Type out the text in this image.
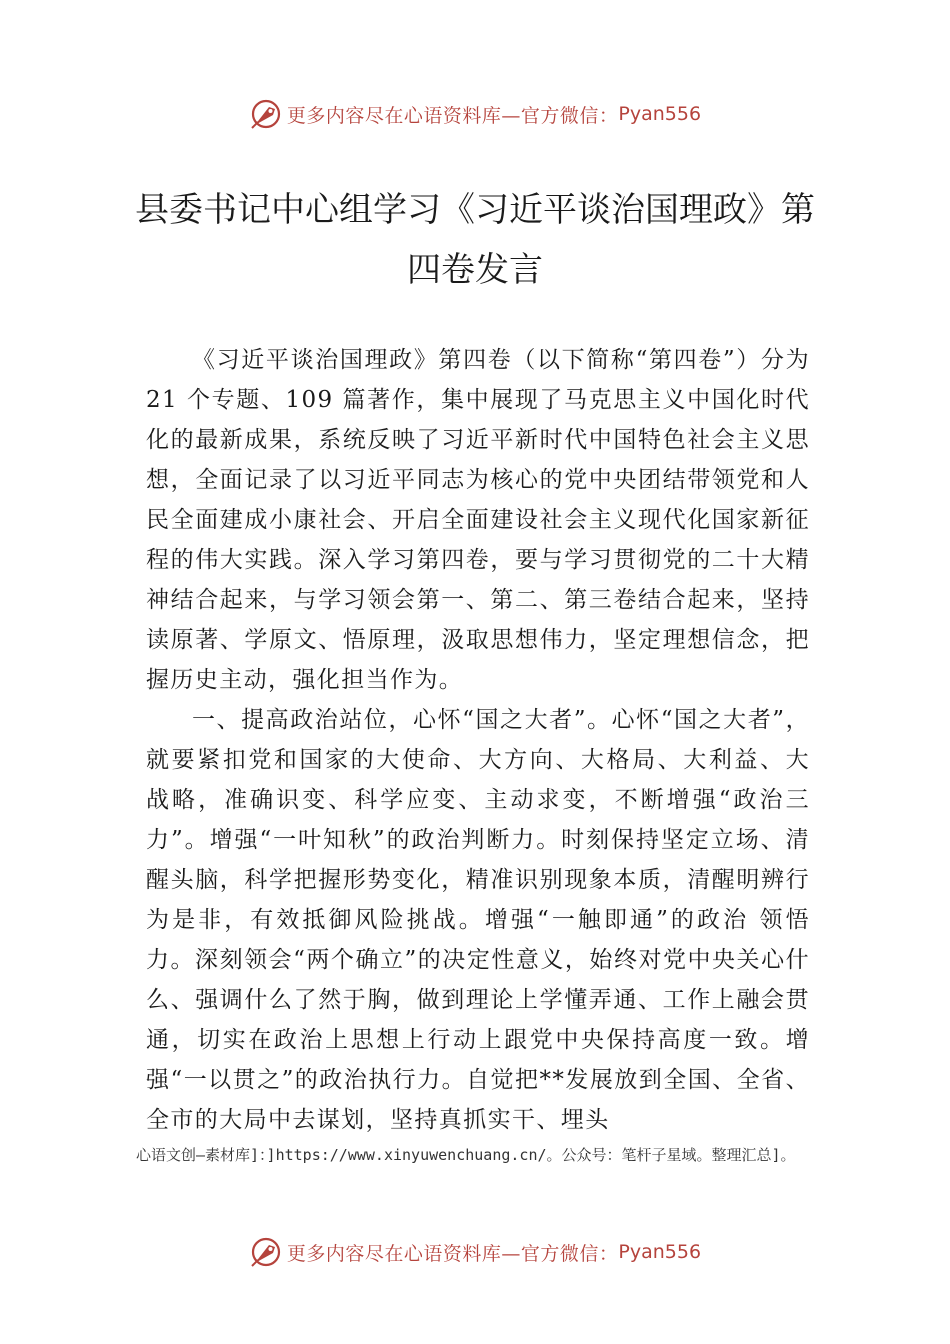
更多内容尽在心语资料库—官方微信： Pyan556
县委书记中心组学习《习近平谈治国理政》第四卷发言

《习近平谈治国理政》第四卷（以下简称“第四卷”）分为 21 个专题、109 篇著作，集中展现了马克思主义中国化时代化的最新成果，系统反映了习近平新时代中国特色社会主义思想，全面记录了以习近平同志为核心的党中央团结带领党和人民全面建成小康社会、开启全面建设社会主义现代化国家新征程的伟大实践。深入学习第四卷，要与学习贯彻党的二十大精神结合起来，与学习领会第一、第二、第三卷结合起来，坚持读原著、学原文、悟原理，汲取思想伟力，坚定理想信念，把握历史主动，强化担当作为。

一、提高政治站位，心怀“国之大者”。心怀“国之大者”，就要紧扣党和国家的大使命、大方向、大格局、大利益、大 战略，准确识变、科学应变、主动求变，不断增强“政治三力”。增强“一叶知秋”的政治判断力。时刻保持坚定立场、清醒头脑，科学把握形势变化，精准识别现象本质，清醒明辨行为是非，有效抵御风险挑战。增强“一触即通”的政治 领悟力。深刻领会“两个确立”的决定性意义，始终对党中央关心什么、强调什么了然于胸，做到理论上学懂弄通、工作上融会贯通，切实在政治上思想上行动上跟党中央保持高度一致。增强“一以贯之”的政治执行力。自觉把**发展放到全国、全省、全市的大局中去谋划，坚持真抓实干、埋头

心语文创—素材库]：]https://www.xinyuwenchuang.cn/。公众号：笔杆子星域。整理汇总]。
更多内容尽在心语资料库—官方微信： Pyan556
